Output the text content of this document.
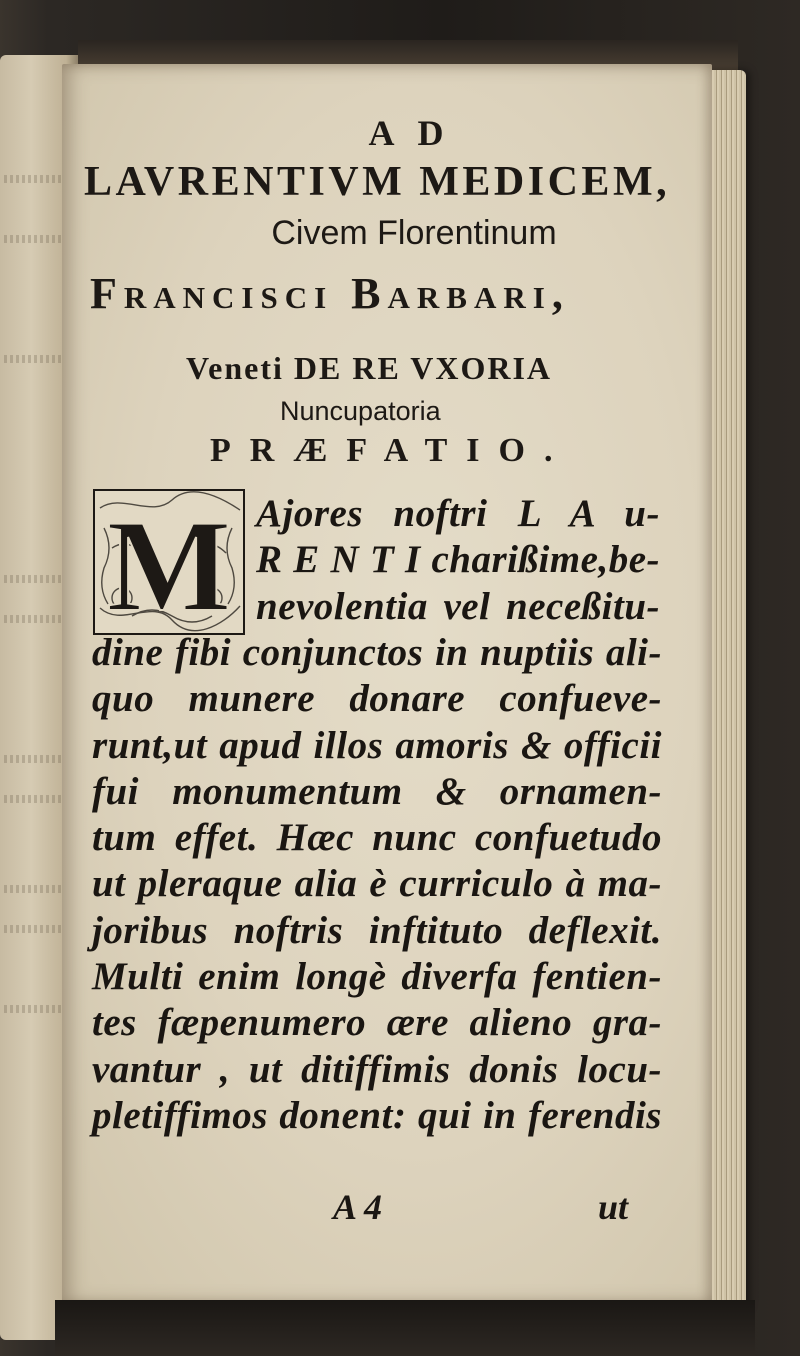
A D
LAVRENTIVM MEDICEM,
Civem Florentinum
Francisci Barbari,
Veneti DE RE VXORIA
Nuncupatoria
PRÆFATIO.
M Ajores noftri L A u-
R E N T I charißime,be-
nevolentia vel neceßitu-
dine fibi conjunctos in nuptiis ali-
quo munere donare confueve-
runt,ut apud illos amoris & officii
fui monumentum & ornamen-
tum effet. Hæc nunc confuetudo
ut pleraque alia è curriculo à ma-
joribus noftris inftituto deflexit.
Multi enim longè diverfa fentien-
tes fæpenumero ære alieno gra-
vantur , ut ditiffimis donis locu-
pletiffimos donent: qui in ferendis
A 4	ut
